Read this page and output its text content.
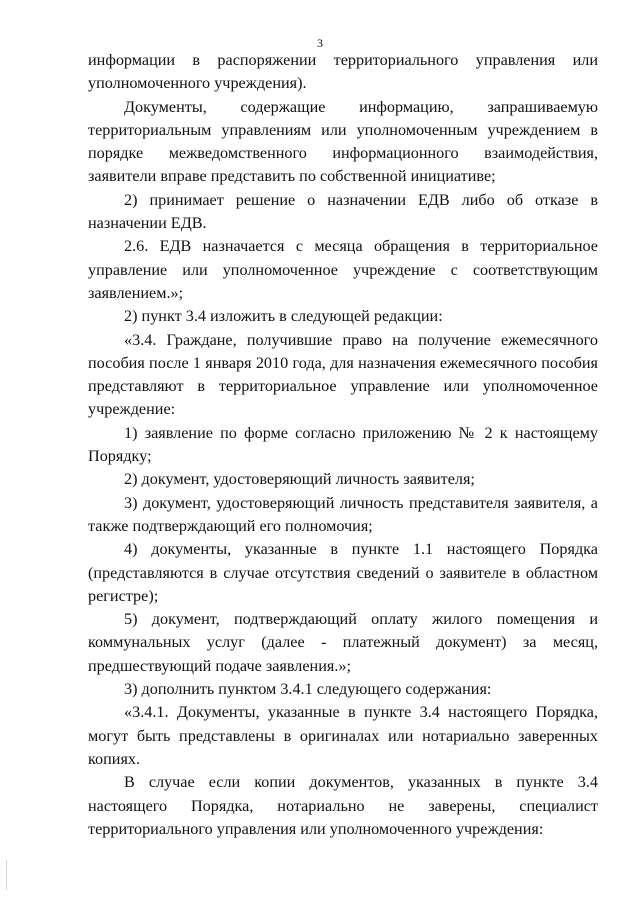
3

информации в распоряжении территориального управления или уполномоченного учреждения).

Документы, содержащие информацию, запрашиваемую территориальным управлениям или уполномоченным учреждением в порядке межведомственного информационного взаимодействия, заявители вправе представить по собственной инициативе;

2) принимает решение о назначении ЕДВ либо об отказе в назначении ЕДВ.

2.6. ЕДВ назначается с месяца обращения в территориальное управление или уполномоченное учреждение с соответствующим заявлением.»;

2) пункт 3.4 изложить в следующей редакции:

«3.4. Граждане, получившие право на получение ежемесячного пособия после 1 января 2010 года, для назначения ежемесячного пособия представляют в территориальное управление или уполномоченное учреждение:

1) заявление по форме согласно приложению № 2 к настоящему Порядку;

2) документ, удостоверяющий личность заявителя;

3) документ, удостоверяющий личность представителя заявителя, а также подтверждающий его полномочия;

4) документы, указанные в пункте 1.1 настоящего Порядка (представляются в случае отсутствия сведений о заявителе в областном регистре);

5) документ, подтверждающий оплату жилого помещения и коммунальных услуг (далее - платежный документ) за месяц, предшествующий подаче заявления.»;

3) дополнить пунктом 3.4.1 следующего содержания:

«3.4.1. Документы, указанные в пункте 3.4 настоящего Порядка, могут быть представлены в оригиналах или нотариально заверенных копиях.

В случае если копии документов, указанных в пункте 3.4 настоящего Порядка, нотариально не заверены, специалист территориального управления или уполномоченного учреждения:
